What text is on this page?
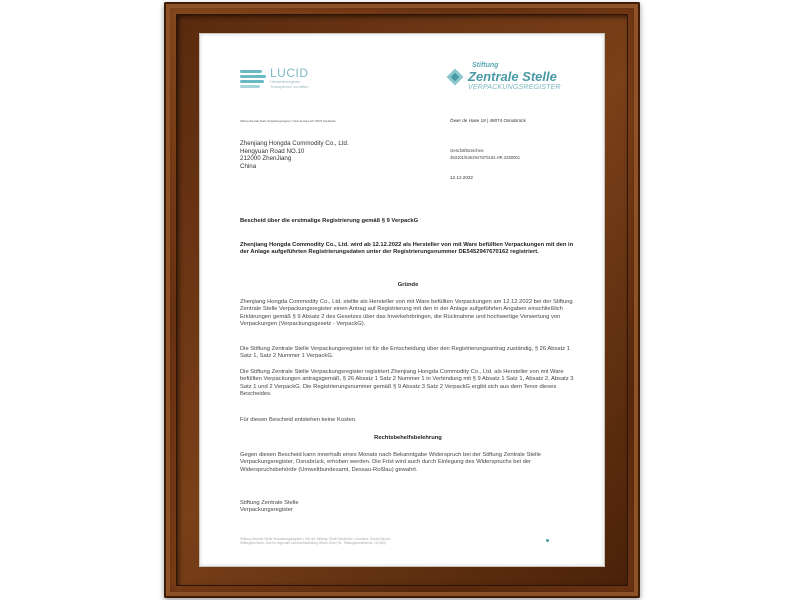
LUCID
Herstellerregister
Transparenz schaffen
Stiftung
Zentrale Stelle
VERPACKUNGSREGISTER
Stiftung Zentrale Stelle Verpackungsregister | Öwer de Hase 18 | 49074 Osnabrück	Öwer de Hase 18 | 49074 Osnabrück
Zhenjiang Hongda Commodity Co., Ltd.
Hengyuan Road NO.10
212000 ZhenJiang
China
Geschäftszeichen:
353101/5452947670162.HR.2260001
12.12.2022
Bescheid über die erstmalige Registrierung gemäß § 9 VerpackG
Zhenjiang Hongda Commodity Co., Ltd. wird ab 12.12.2022 als Hersteller von mit Ware befüllten Verpackungen mit den in der Anlage aufgeführten Registrierungsdaten unter der Registrierungsnummer DE5452947670162 registriert.
Gründe
Zhenjiang Hongda Commodity Co., Ltd. stellte als Hersteller von mit Ware befüllten Verpackungen am 12.12.2022 bei der Stiftung Zentrale Stelle Verpackungsregister einen Antrag auf Registrierung mit den in der Anlage aufgeführten Angaben einschließlich Erklärungen gemäß § 9 Absatz 2 des Gesetzes über das Inverkehrbringen, die Rücknahme und hochwertige Verwertung von Verpackungen (Verpackungsgesetz - VerpackG).
Die Stiftung Zentrale Stelle Verpackungsregister ist für die Entscheidung über den Registrierungsantrag zuständig, § 26 Absatz 1 Satz 1, Satz 2 Nummer 1 VerpackG.
Die Stiftung Zentrale Stelle Verpackungsregister registriert Zhenjiang Hongda Commodity Co., Ltd. als Hersteller von mit Ware befüllten Verpackungen antragsgemäß, § 26 Absatz 1 Satz 2 Nummer 1 in Verbindung mit § 9 Absatz 1 Satz 1, Absatz 2, Absatz 3 Satz 1 und 2 VerpackG. Die Registrierungsnummer gemäß § 9 Absatz 3 Satz 2 VerpackG ergibt sich aus dem Tenor dieses Bescheides.
Für diesen Bescheid entstehen keine Kosten.
Rechtsbehelfsbelehrung
Gegen diesen Bescheid kann innerhalb eines Monats nach Bekanntgabe Widerspruch bei der Stiftung Zentrale Stelle Verpackungsregister, Osnabrück, erhoben werden. Die Frist wird auch durch Einlegung des Widerspruchs bei der Widerspruchsbehörde (Umweltbundesamt, Dessau-Roßlau) gewahrt.
Stiftung Zentrale Stelle
Verpackungsregister
Stiftung Zentrale Stelle Verpackungsregister | Sitz der Stiftung: Stadt Osnabrück | Vorstand: Gunda Rachut
Stiftungsbehörde: Amt für regionale Landesentwicklung Weser-Ems | Nr.: Stiftungsverzeichnis: 16 (083)
